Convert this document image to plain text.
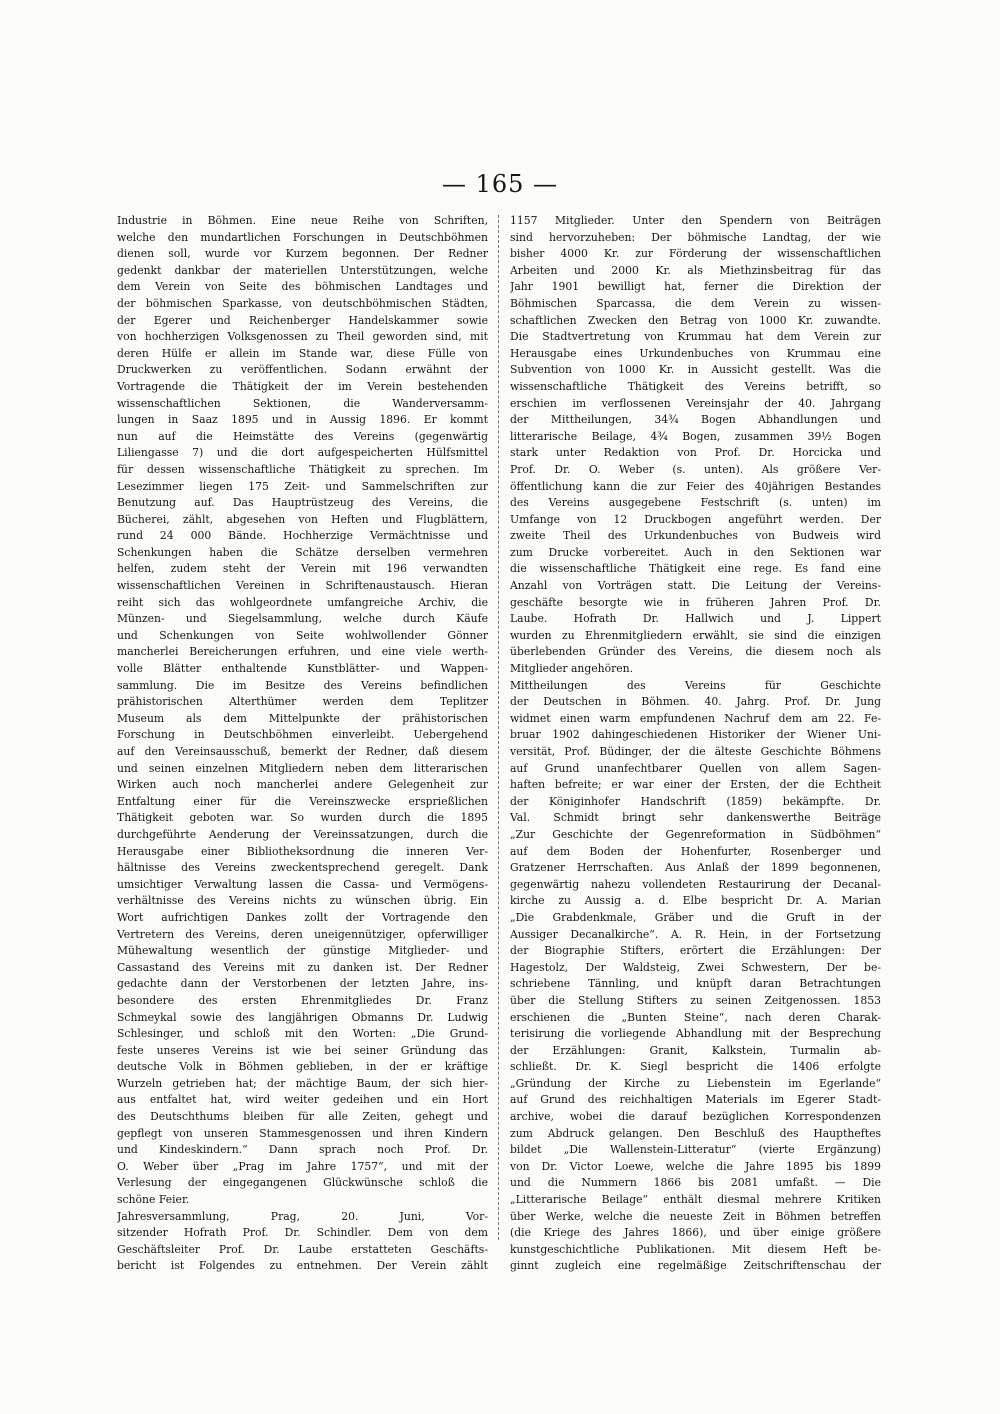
— 165 —
Industrie in Böhmen. Eine neue Reihe von Schriften,
welche den mundartlichen Forschungen in Deutschböhmen
dienen soll, wurde vor Kurzem begonnen. Der Redner
gedenkt dankbar der materiellen Unterstützungen, welche
dem Verein von Seite des böhmischen Landtages und
der böhmischen Sparkasse, von deutschböhmischen Städten,
der Egerer und Reichenberger Handelskammer sowie
von hochherzigen Volksgenossen zu Theil geworden sind, mit
deren Hülfe er allein im Stande war, diese Fülle von
Druckwerken zu veröffentlichen. Sodann erwähnt der
Vortragende die Thätigkeit der im Verein bestehenden
wissenschaftlichen Sektionen, die Wanderversamm-
lungen in Saaz 1895 und in Aussig 1896. Er kommt
nun auf die Heimstätte des Vereins (gegenwärtig
Liliengasse 7) und die dort aufgespeicherten Hülfsmittel
für dessen wissenschaftliche Thätigkeit zu sprechen. Im
Lesezimmer liegen 175 Zeit- und Sammelschriften zur
Benutzung auf. Das Hauptrüstzeug des Vereins, die
Bücherei, zählt, abgesehen von Heften und Flugblättern,
rund 24 000 Bände. Hochherzige Vermächtnisse und
Schenkungen haben die Schätze derselben vermehren
helfen, zudem steht der Verein mit 196 verwandten
wissenschaftlichen Vereinen in Schriftenaustausch. Hieran
reiht sich das wohlgeordnete umfangreiche Archiv, die
Münzen- und Siegelsammlung, welche durch Käufe
und Schenkungen von Seite wohlwollender Gönner
mancherlei Bereicherungen erfuhren, und eine viele werth-
volle Blätter enthaltende Kunstblätter- und Wappen-
sammlung. Die im Besitze des Vereins befindlichen
prähistorischen Alterthümer werden dem Teplitzer
Museum als dem Mittelpunkte der prähistorischen
Forschung in Deutschböhmen einverleibt. Uebergehend
auf den Vereinsausschuß, bemerkt der Redner, daß diesem
und seinen einzelnen Mitgliedern neben dem litterarischen
Wirken auch noch mancherlei andere Gelegenheit zur
Entfaltung einer für die Vereinszwecke ersprießlichen
Thätigkeit geboten war. So wurden durch die 1895
durchgeführte Aenderung der Vereinssatzungen, durch die
Herausgabe einer Bibliotheksordnung die inneren Ver-
hältnisse des Vereins zweckentsprechend geregelt. Dank
umsichtiger Verwaltung lassen die Cassa- und Vermögens-
verhältnisse des Vereins nichts zu wünschen übrig. Ein
Wort aufrichtigen Dankes zollt der Vortragende den
Vertretern des Vereins, deren uneigennütziger, opferwilliger
Mühewaltung wesentlich der günstige Mitglieder- und
Cassastand des Vereins mit zu danken ist. Der Redner
gedachte dann der Verstorbenen der letzten Jahre, ins-
besondere des ersten Ehrenmitgliedes Dr. Franz
Schmeykal sowie des langjährigen Obmanns Dr. Ludwig
Schlesinger, und schloß mit den Worten: „Die Grund-
feste unseres Vereins ist wie bei seiner Gründung das
deutsche Volk in Böhmen geblieben, in der er kräftige
Wurzeln getrieben hat; der mächtige Baum, der sich hier-
aus entfaltet hat, wird weiter gedeihen und ein Hort
des Deutschthums bleiben für alle Zeiten, gehegt und
gepflegt von unseren Stammesgenossen und ihren Kindern
und Kindeskindern.“ Dann sprach noch Prof. Dr.
O. Weber über „Prag im Jahre 1757“, und mit der
Verlesung der eingegangenen Glückwünsche schloß die
schöne Feier.
Jahresversammlung, Prag, 20. Juni, Vor-
sitzender Hofrath Prof. Dr. Schindler. Dem von dem
Geschäftsleiter Prof. Dr. Laube erstatteten Geschäfts-
bericht ist Folgendes zu entnehmen. Der Verein zählt
1157 Mitglieder. Unter den Spendern von Beiträgen
sind hervorzuheben: Der böhmische Landtag, der wie
bisher 4000 Kr. zur Förderung der wissenschaftlichen
Arbeiten und 2000 Kr. als Miethzinsbeitrag für das
Jahr 1901 bewilligt hat, ferner die Direktion der
Böhmischen Sparcassa, die dem Verein zu wissen-
schaftlichen Zwecken den Betrag von 1000 Kr. zuwandte.
Die Stadtvertretung von Krummau hat dem Verein zur
Herausgabe eines Urkundenbuches von Krummau eine
Subvention von 1000 Kr. in Aussicht gestellt. Was die
wissenschaftliche Thätigkeit des Vereins betrifft, so
erschien im verflossenen Vereinsjahr der 40. Jahrgang
der Mittheilungen, 34¾ Bogen Abhandlungen und
litterarische Beilage, 4¾ Bogen, zusammen 39½ Bogen
stark unter Redaktion von Prof. Dr. Horcicka und
Prof. Dr. O. Weber (s. unten). Als größere Ver-
öffentlichung kann die zur Feier des 40jährigen Bestandes
des Vereins ausgegebene Festschrift (s. unten) im
Umfange von 12 Druckbogen angeführt werden. Der
zweite Theil des Urkundenbuches von Budweis wird
zum Drucke vorbereitet. Auch in den Sektionen war
die wissenschaftliche Thätigkeit eine rege. Es fand eine
Anzahl von Vorträgen statt. Die Leitung der Vereins-
geschäfte besorgte wie in früheren Jahren Prof. Dr.
Laube. Hofrath Dr. Hallwich und J. Lippert
wurden zu Ehrenmitgliedern erwählt, sie sind die einzigen
überlebenden Gründer des Vereins, die diesem noch als
Mitglieder angehören.
Mittheilungen des Vereins für Geschichte
der Deutschen in Böhmen. 40. Jahrg. Prof. Dr. Jung
widmet einen warm empfundenen Nachruf dem am 22. Fe-
bruar 1902 dahingeschiedenen Historiker der Wiener Uni-
versität, Prof. Büdinger, der die älteste Geschichte Böhmens
auf Grund unanfechtbarer Quellen von allem Sagen-
haften befreite; er war einer der Ersten, der die Echtheit
der Königinhofer Handschrift (1859) bekämpfte. Dr.
Val. Schmidt bringt sehr dankenswerthe Beiträge
„Zur Geschichte der Gegenreformation in Südböhmen“
auf dem Boden der Hohenfurter, Rosenberger und
Gratzener Herrschaften. Aus Anlaß der 1899 begonnenen,
gegenwärtig nahezu vollendeten Restaurirung der Decanal-
kirche zu Aussig a. d. Elbe bespricht Dr. A. Marian
„Die Grabdenkmale, Gräber und die Gruft in der
Aussiger Decanalkirche“. A. R. Hein, in der Fortsetzung
der Biographie Stifters, erörtert die Erzählungen: Der
Hagestolz, Der Waldsteig, Zwei Schwestern, Der be-
schriebene Tännling, und knüpft daran Betrachtungen
über die Stellung Stifters zu seinen Zeitgenossen. 1853
erschienen die „Bunten Steine“, nach deren Charak-
terisirung die vorliegende Abhandlung mit der Besprechung
der Erzählungen: Granit, Kalkstein, Turmalin ab-
schließt. Dr. K. Siegl bespricht die 1406 erfolgte
„Gründung der Kirche zu Liebenstein im Egerlande“
auf Grund des reichhaltigen Materials im Egerer Stadt-
archive, wobei die darauf bezüglichen Korrespondenzen
zum Abdruck gelangen. Den Beschluß des Hauptheftes
bildet „Die Wallenstein-Litteratur“ (vierte Ergänzung)
von Dr. Victor Loewe, welche die Jahre 1895 bis 1899
und die Nummern 1866 bis 2081 umfaßt. — Die
„Litterarische Beilage“ enthält diesmal mehrere Kritiken
über Werke, welche die neueste Zeit in Böhmen betreffen
(die Kriege des Jahres 1866), und über einige größere
kunstgeschichtliche Publikationen. Mit diesem Heft be-
ginnt zugleich eine regelmäßige Zeitschriftenschau der
